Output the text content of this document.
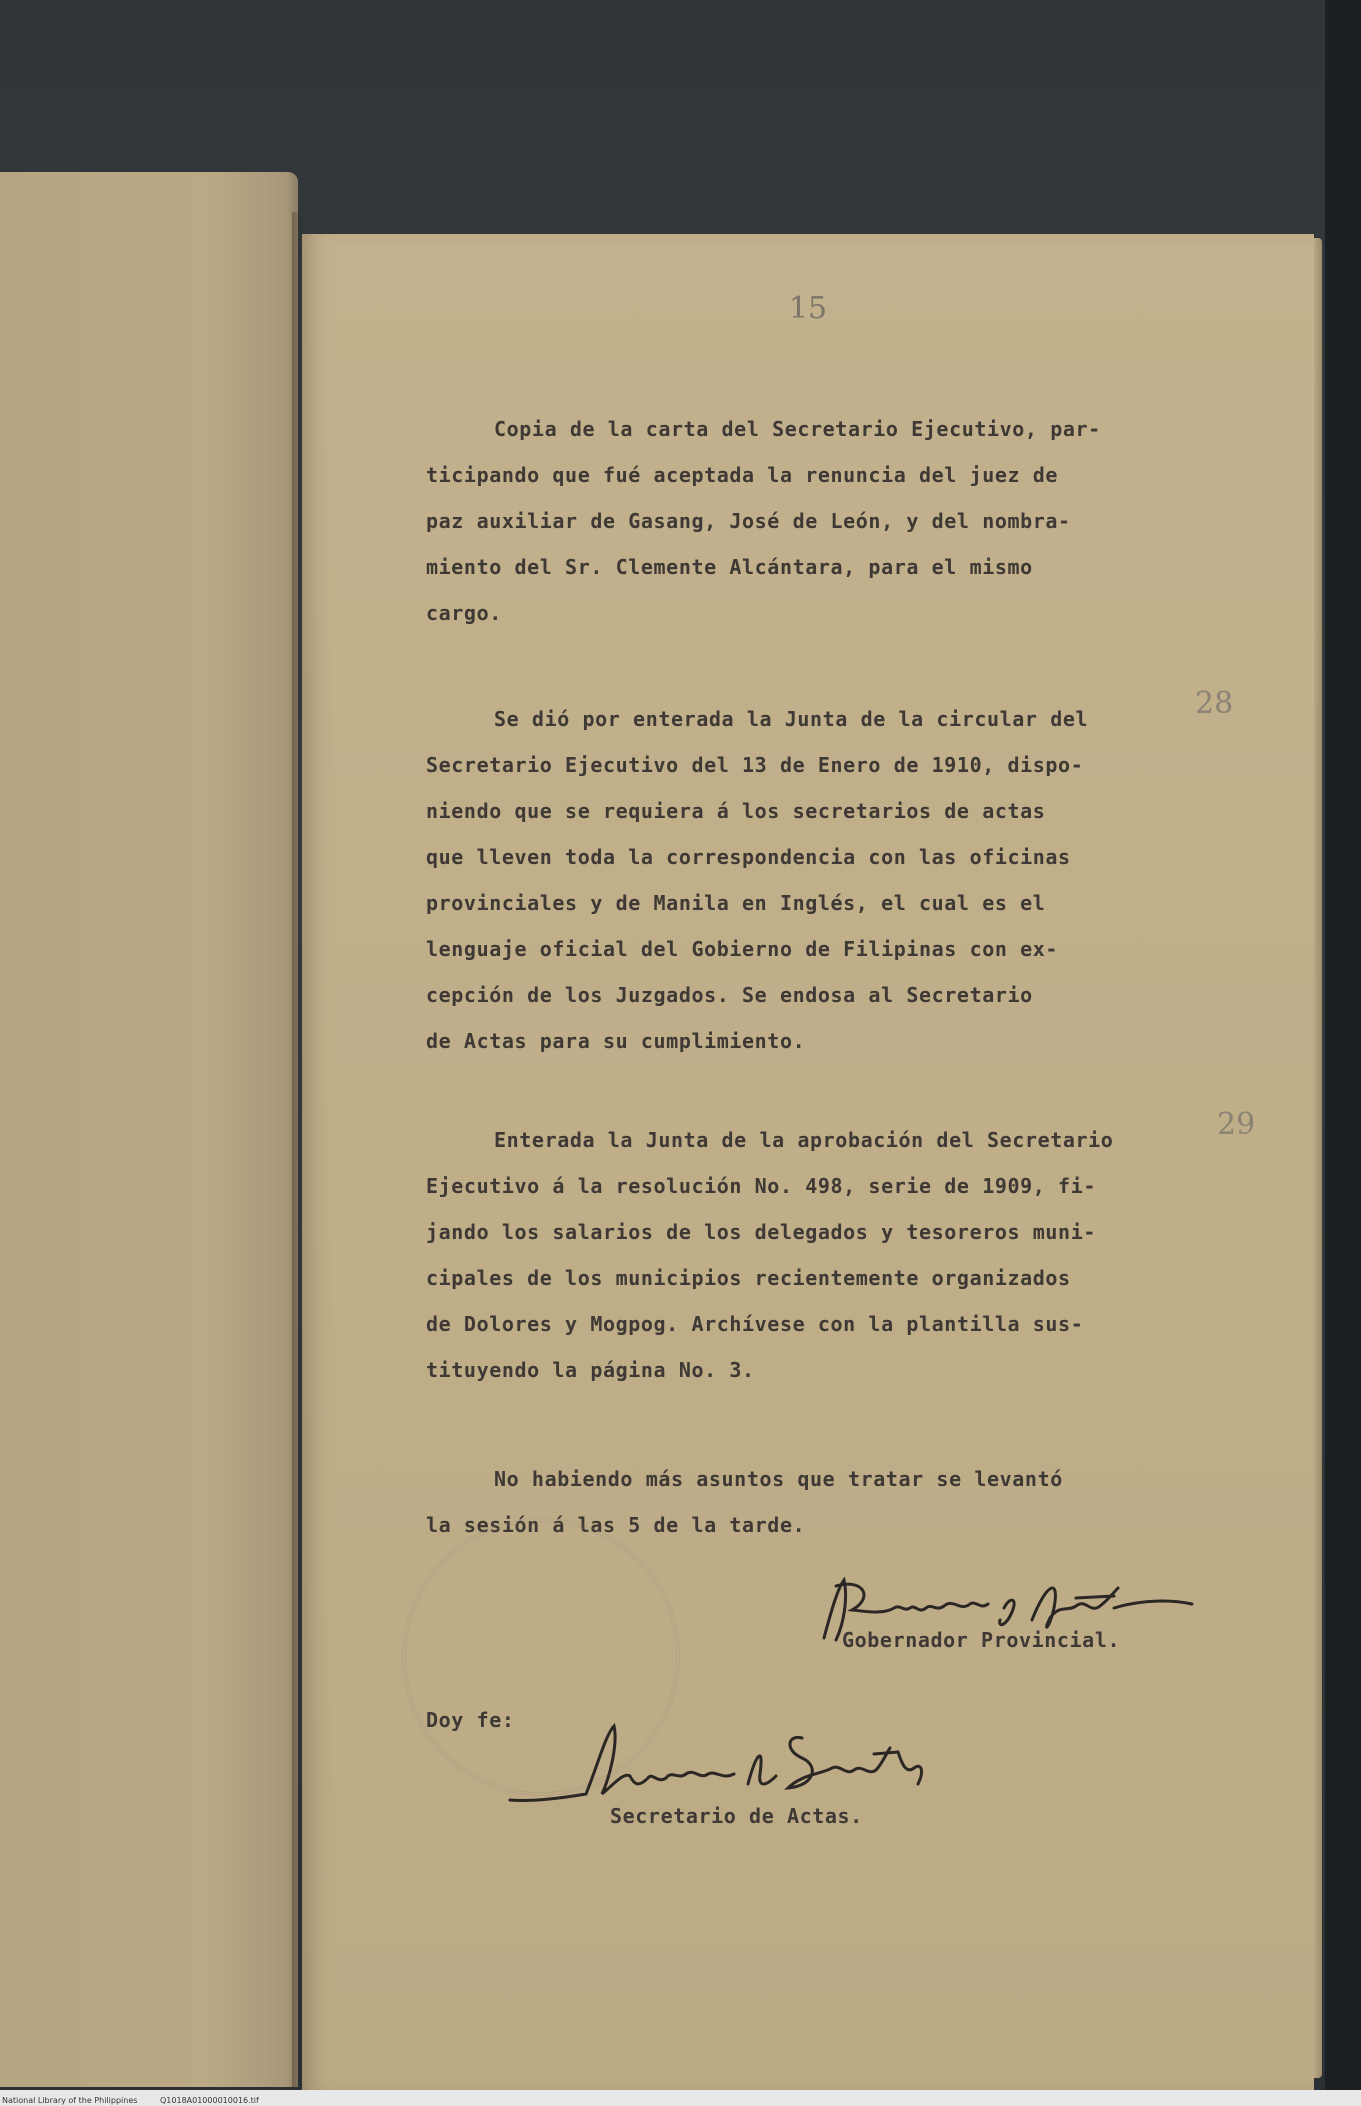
15

Copia de la carta del Secretario Ejecutivo, par-
ticipando que fué aceptada la renuncia del juez de
paz auxiliar de Gasang, José de León, y del nombra-
miento del Sr. Clemente Alcántara, para el mismo
cargo.

28

Se dió por enterada la Junta de la circular del
Secretario Ejecutivo del 13 de Enero de 1910, dispo-
niendo que se requiera á los secretarios de actas
que lleven toda la correspondencia con las oficinas
provinciales y de Manila en Inglés, el cual es el
lenguaje oficial del Gobierno de Filipinas con ex-
cepción de los Juzgados. Se endosa al Secretario
de Actas para su cumplimiento.

29

Enterada la Junta de la aprobación del Secretario
Ejecutivo á la resolución No. 498, serie de 1909, fi-
jando los salarios de los delegados y tesoreros muni-
cipales de los municipios recientemente organizados
de Dolores y Mogpog. Archívese con la plantilla sus-
tituyendo la página No. 3.

No habiendo más asuntos que tratar se levantó
la sesión á las 5 de la tarde.

Gobernador Provincial.
Doy fe:
Secretario de Actas.
National Library of the Philippines	Q1018A01000010016.tif
